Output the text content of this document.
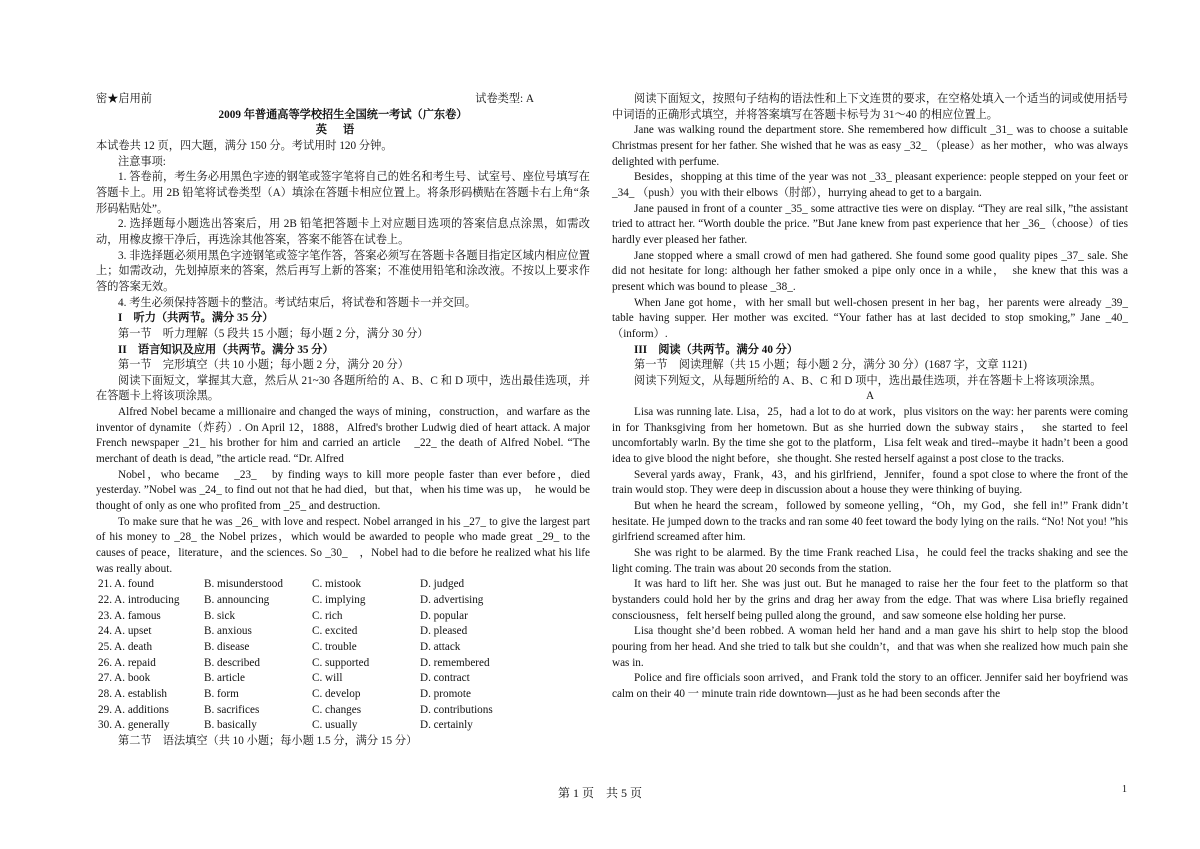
密★启用前	试卷类型: A

2009 年普通高等学校招生全国统一考试（广东卷）

英语

本试卷共 12 页，四大题，满分 150 分。考试用时 120 分钟。

注意事项:

1. 答卷前，考生务必用黑色字迹的钢笔或签字笔将自己的姓名和考生号、试室号、座位号填写在答题卡上。用 2B 铅笔将试卷类型（A）填涂在答题卡相应位置上。将条形码横贴在答题卡右上角“条形码粘贴处”。

2. 选择题每小题选出答案后，用 2B 铅笔把答题卡上对应题目选项的答案信息点涂黑，如需改动，用橡皮擦干净后，再选涂其他答案，答案不能答在试卷上。

3. 非选择题必须用黑色字迹钢笔或签字笔作答，答案必须写在答题卡各题目指定区域内相应位置上；如需改动，先划掉原来的答案，然后再写上新的答案；不准使用铅笔和涂改液。不按以上要求作答的答案无效。

4. 考生必须保持答题卡的整洁。考试结束后，将试卷和答题卡一并交回。

I　听力（共两节。满分 35 分）

第一节　听力理解（5 段共 15 小题；每小题 2 分，满分 30 分）

II　语言知识及应用（共两节。满分 35 分）

第一节　完形填空（共 10 小题；每小题 2 分，满分 20 分）

阅读下面短文，掌握其大意，然后从 21~30 各题所给的 A、B、C 和 D 项中，选出最佳选项，并在答题卡上将该项涂黑。

Alfred Nobel became a millionaire and changed the ways of mining，construction，and warfare as the inventor of dynamite（炸药）. On April 12，1888，Alfred's brother Ludwig died of heart attack. A major French newspaper _21_ his brother for him and carried an article　_22_ the death of Alfred Nobel. “The merchant of death is dead, ”the article read. “Dr. Alfred

Nobel，who became　_23_　by finding ways to kill more people faster than ever before，died yesterday. ”Nobel was _24_ to find out not that he had died，but that，when his time was up，　he would be thought of only as one who profited from _25_ and destruction.

To make sure that he was _26_ with love and respect. Nobel arranged in his _27_ to give the largest part of his money to _28_ the Nobel prizes，which would be awarded to people who made great _29_ to the causes of peace，literature，and the sciences. So _30_　，Nobel had to die before he realized what his life was really about.

21. A. found	B. misunderstood	C. mistook	D. judged
22. A. introducing	B. announcing	C. implying	D. advertising
23. A. famous	B. sick	C. rich	D. popular
24. A. upset	B. anxious	C. excited	D. pleased
25. A. death	B. disease	C. trouble	D. attack
26. A. repaid	B. described	C. supported	D. remembered
27. A. book	B. article	C. will	D. contract
28. A. establish	B. form	C. develop	D. promote
29. A. additions	B. sacrifices	C. changes	D. contributions
30. A. generally	B. basically	C. usually	D. certainly

第二节　语法填空（共 10 小题；每小题 1.5 分，满分 15 分）

阅读下面短文，按照句子结构的语法性和上下文连贯的要求，在空格处填入一个适当的词或使用括号中词语的正确形式填空，并将答案填写在答题卡标号为 31～40 的相应位置上。

Jane was walking round the department store. She remembered how difficult _31_ was to choose a suitable Christmas present for her father. She wished that he was as easy _32_ （please）as her mother，who was always delighted with perfume.

Besides，shopping at this time of the year was not _33_ pleasant experience: people stepped on your feet or _34_ （push）you with their elbows（肘部），hurrying ahead to get to a bargain.

Jane paused in front of a counter _35_ some attractive ties were on display. “They are real silk，”the assistant tried to attract her. “Worth double the price. ”But Jane knew from past experience that her _36_（choose）of ties hardly ever pleased her father.

Jane stopped where a small crowd of men had gathered. She found some good quality pipes _37_ sale. She did not hesitate for long: although her father smoked a pipe only once in a while，　she knew that this was a present which was bound to please _38_.

When Jane got home，with her small but well-chosen present in her bag，her parents were already _39_ table having supper. Her mother was excited. “Your father has at last decided to stop smoking,” Jane _40_ （inform）.

III　阅读（共两节。满分 40 分）

第一节　阅读理解（共 15 小题；每小题 2 分，满分 30 分）(1687 字，文章 1121)

阅读下列短文，从每题所给的 A、B、C 和 D 项中，选出最佳选项，并在答题卡上将该项涂黑。

A

Lisa was running late. Lisa，25，had a lot to do at work，plus visitors on the way: her parents were coming in for Thanksgiving from her hometown. But as she hurried down the subway stairs，　she started to feel uncomfortably warln. By the time she got to the platform，Lisa felt weak and tired--maybe it hadn’t been a good idea to give blood the night before，she thought. She rested herself against a post close to the tracks.

Several yards away，Frank，43，and his girlfriend，Jennifer，found a spot close to where the front of the train would stop. They were deep in discussion about a house they were thinking of buying.

But when he heard the scream，followed by someone yelling，“Oh，my God，she fell in!” Frank didn’t hesitate. He jumped down to the tracks and ran some 40 feet toward the body lying on the rails. “No! Not you! ”his girlfriend screamed after him.

She was right to be alarmed. By the time Frank reached Lisa，he could feel the tracks shaking and see the light coming. The train was about 20 seconds from the station.

It was hard to lift her. She was just out. But he managed to raise her the four feet to the platform so that bystanders could hold her by the grins and drag her away from the edge. That was where Lisa briefly regained consciousness，felt herself being pulled along the ground，and saw someone else holding her purse.

Lisa thought she’d been robbed. A woman held her hand and a man gave his shirt to help stop the blood pouring from her head. And she tried to talk but she couldn’t，and that was when she realized how much pain she was in.

Police and fire officials soon arrived，and Frank told the story to an officer. Jennifer said her boyfriend was calm on their 40 一 minute train ride downtown—just as he had been seconds after the

第 1 页　共 5 页	1
